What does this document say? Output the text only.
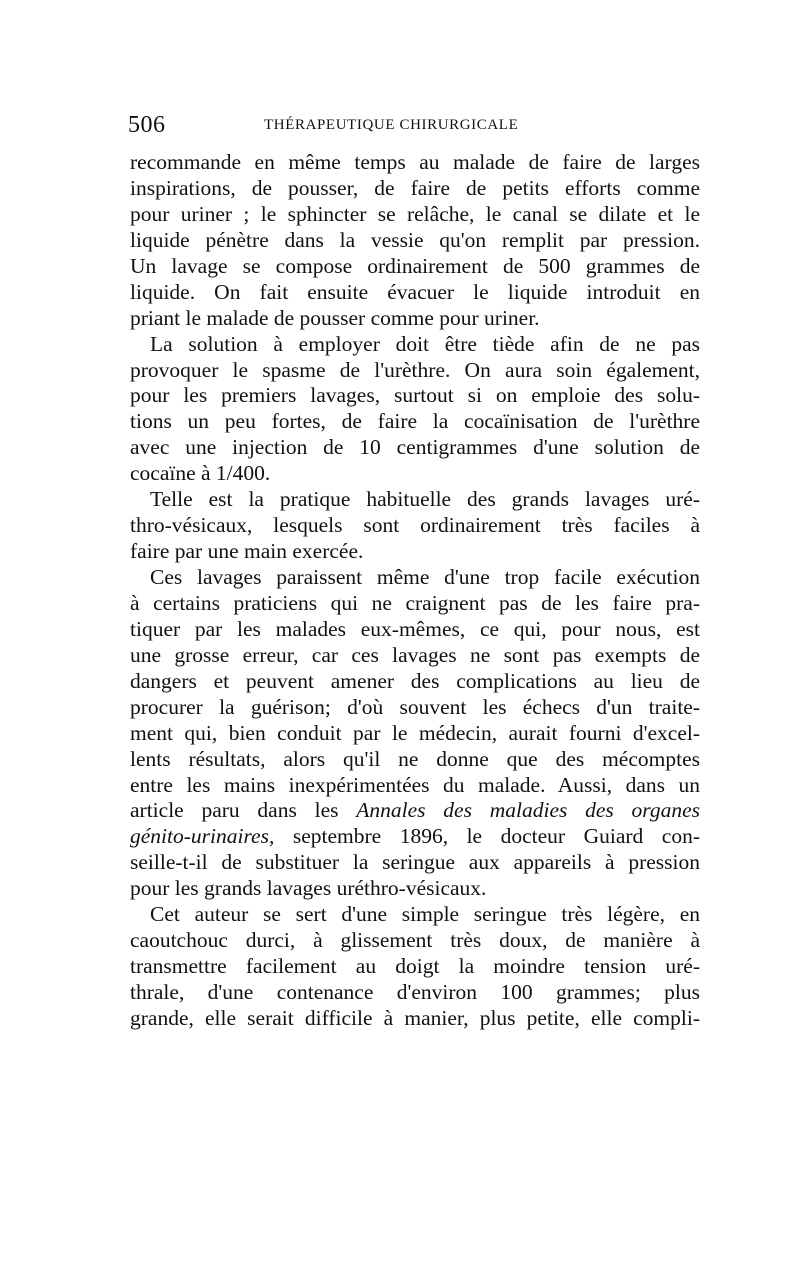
506	THÉRAPEUTIQUE CHIRURGICALE
recommande en même temps au malade de faire de larges
inspirations, de pousser, de faire de petits efforts comme
pour uriner ; le sphincter se relâche, le canal se dilate et le
liquide pénètre dans la vessie qu'on remplit par pression.
Un lavage se compose ordinairement de 500 grammes de
liquide. On fait ensuite évacuer le liquide introduit en
priant le malade de pousser comme pour uriner.
La solution à employer doit être tiède afin de ne pas
provoquer le spasme de l'urèthre. On aura soin également,
pour les premiers lavages, surtout si on emploie des solu-
tions un peu fortes, de faire la cocaïnisation de l'urèthre
avec une injection de 10 centigrammes d'une solution de
cocaïne à 1/400.
Telle est la pratique habituelle des grands lavages uré-
thro-vésicaux, lesquels sont ordinairement très faciles à
faire par une main exercée.
Ces lavages paraissent même d'une trop facile exécution
à certains praticiens qui ne craignent pas de les faire pra-
tiquer par les malades eux-mêmes, ce qui, pour nous, est
une grosse erreur, car ces lavages ne sont pas exempts de
dangers et peuvent amener des complications au lieu de
procurer la guérison; d'où souvent les échecs d'un traite-
ment qui, bien conduit par le médecin, aurait fourni d'excel-
lents résultats, alors qu'il ne donne que des mécomptes
entre les mains inexpérimentées du malade. Aussi, dans un
article paru dans les Annales des maladies des organes
génito-urinaires, septembre 1896, le docteur Guiard con-
seille-t-il de substituer la seringue aux appareils à pression
pour les grands lavages uréthro-vésicaux.
Cet auteur se sert d'une simple seringue très légère, en
caoutchouc durci, à glissement très doux, de manière à
transmettre facilement au doigt la moindre tension uré-
thrale, d'une contenance d'environ 100 grammes; plus
grande, elle serait difficile à manier, plus petite, elle compli-
